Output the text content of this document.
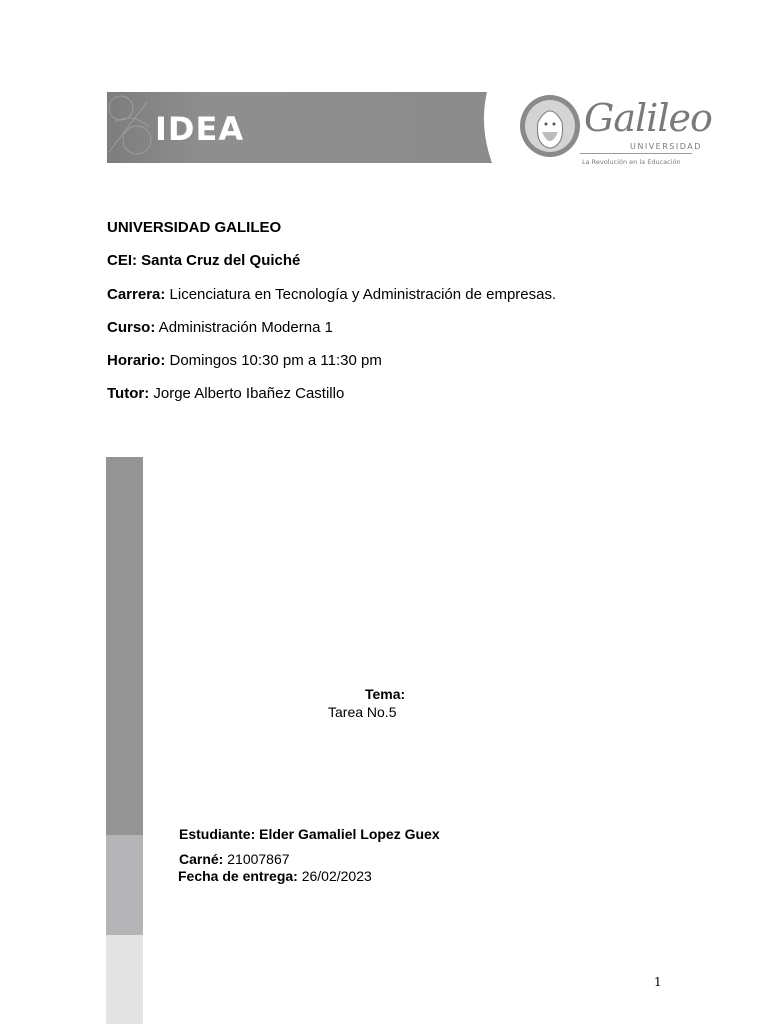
IDEA	Galileo
UNIVERSIDAD
La Revolución en la Educación
UNIVERSIDAD GALILEO
CEI: Santa Cruz del Quiché
Carrera: Licenciatura en Tecnología y Administración de empresas.
Curso: Administración Moderna 1
Horario: Domingos 10:30 pm a 11:30 pm
Tutor: Jorge Alberto Ibañez Castillo
Tema:
Tarea No.5
Estudiante: Elder Gamaliel Lopez Guex
Carné: 21007867
Fecha de entrega: 26/02/2023
1
